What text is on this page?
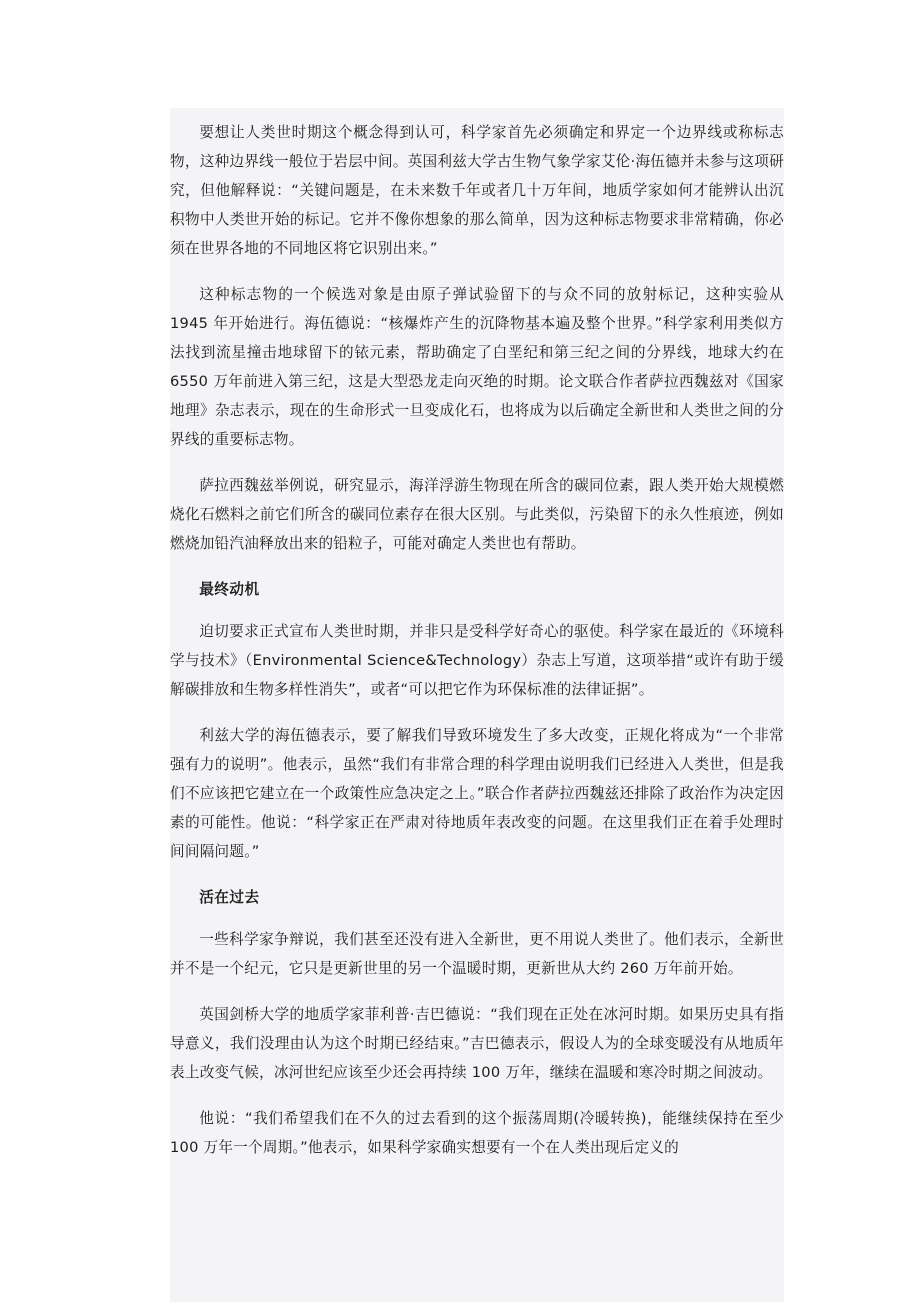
要想让人类世时期这个概念得到认可，科学家首先必须确定和界定一个边界线或称标志物，这种边界线一般位于岩层中间。英国利兹大学古生物气象学家艾伦·海伍德并未参与这项研究，但他解释说：“关键问题是，在未来数千年或者几十万年间，地质学家如何才能辨认出沉积物中人类世开始的标记。它并不像你想象的那么简单，因为这种标志物要求非常精确，你必须在世界各地的不同地区将它识别出来。”

这种标志物的一个候选对象是由原子弹试验留下的与众不同的放射标记，这种实验从 1945 年开始进行。海伍德说：“核爆炸产生的沉降物基本遍及整个世界。”科学家利用类似方法找到流星撞击地球留下的铱元素，帮助确定了白垩纪和第三纪之间的分界线，地球大约在 6550 万年前进入第三纪，这是大型恐龙走向灭绝的时期。论文联合作者萨拉西魏兹对《国家地理》杂志表示，现在的生命形式一旦变成化石，也将成为以后确定全新世和人类世之间的分界线的重要标志物。

萨拉西魏兹举例说，研究显示，海洋浮游生物现在所含的碳同位素，跟人类开始大规模燃烧化石燃料之前它们所含的碳同位素存在很大区别。与此类似，污染留下的永久性痕迹，例如燃烧加铅汽油释放出来的铅粒子，可能对确定人类世也有帮助。

最终动机

迫切要求正式宣布人类世时期，并非只是受科学好奇心的驱使。科学家在最近的《环境科学与技术》（Environmental Science&Technology）杂志上写道，这项举措“或许有助于缓解碳排放和生物多样性消失”，或者“可以把它作为环保标准的法律证据”。

利兹大学的海伍德表示，要了解我们导致环境发生了多大改变，正规化将成为“一个非常强有力的说明”。他表示，虽然“我们有非常合理的科学理由说明我们已经进入人类世，但是我们不应该把它建立在一个政策性应急决定之上。”联合作者萨拉西魏兹还排除了政治作为决定因素的可能性。他说：“科学家正在严肃对待地质年表改变的问题。在这里我们正在着手处理时间间隔问题。”

活在过去

一些科学家争辩说，我们甚至还没有进入全新世，更不用说人类世了。他们表示，全新世并不是一个纪元，它只是更新世里的另一个温暖时期，更新世从大约 260 万年前开始。

英国剑桥大学的地质学家菲利普·吉巴德说：“我们现在正处在冰河时期。如果历史具有指导意义，我们没理由认为这个时期已经结束。”吉巴德表示，假设人为的全球变暖没有从地质年表上改变气候，冰河世纪应该至少还会再持续 100 万年，继续在温暖和寒冷时期之间波动。

他说：“我们希望我们在不久的过去看到的这个振荡周期(冷暖转换)，能继续保持在至少 100 万年一个周期。”他表示，如果科学家确实想要有一个在人类出现后定义的
